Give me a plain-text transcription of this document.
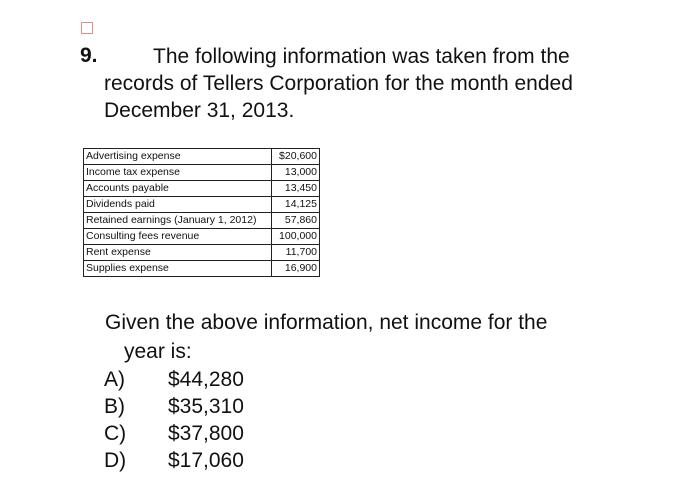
9.	The following information was taken from the
records of Tellers Corporation for the month ended
December 31, 2013.
Advertising expense	$20,600
Income tax expense	13,000
Accounts payable	13,450
Dividends paid	14,125
Retained earnings (January 1, 2012)	57,860
Consulting fees revenue	100,000
Rent expense	11,700
Supplies expense	16,900
Given the above information, net income for the
year is:
A) $44,280
B) $35,310
C) $37,800
D) $17,060
